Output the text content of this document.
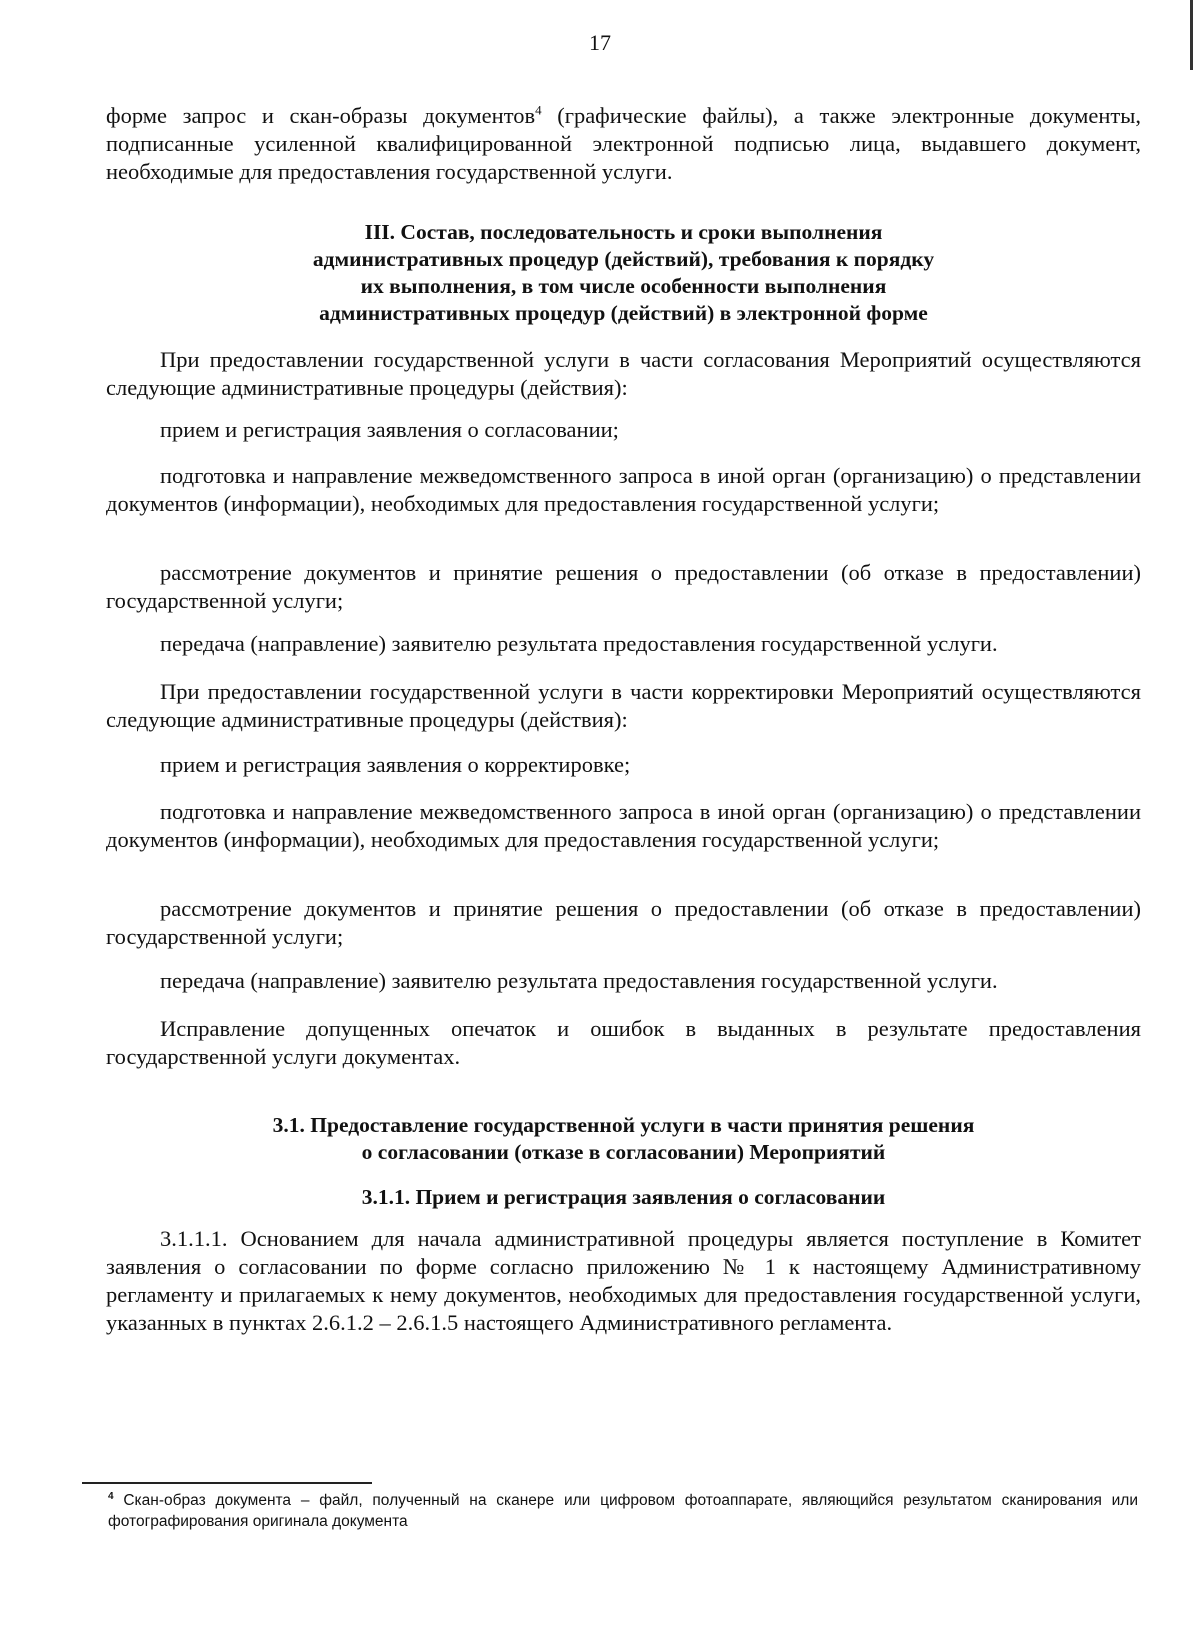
17
форме запрос и скан-образы документов$^4$ (графические файлы), а также электронные документы, подписанные усиленной квалифицированной электронной подписью лица, выдавшего документ, необходимые для предоставления государственной услуги.
III. Состав, последовательность и сроки выполнения
административных процедур (действий), требования к порядку
их выполнения, в том числе особенности выполнения
административных процедур (действий) в электронной форме
При предоставлении государственной услуги в части согласования Мероприятий осуществляются следующие административные процедуры (действия):
прием и регистрация заявления о согласовании;
подготовка и направление межведомственного запроса в иной орган (организацию) о представлении документов (информации), необходимых для предоставления государственной услуги;
рассмотрение документов и принятие решения о предоставлении (об отказе в предоставлении) государственной услуги;
передача (направление) заявителю результата предоставления государственной услуги.
При предоставлении государственной услуги в части корректировки Мероприятий осуществляются следующие административные процедуры (действия):
прием и регистрация заявления о корректировке;
подготовка и направление межведомственного запроса в иной орган (организацию) о представлении документов (информации), необходимых для предоставления государственной услуги;
рассмотрение документов и принятие решения о предоставлении (об отказе в предоставлении) государственной услуги;
передача (направление) заявителю результата предоставления государственной услуги.
Исправление допущенных опечаток и ошибок в выданных в результате предоставления государственной услуги документах.
3.1. Предоставление государственной услуги в части принятия решения
о согласовании (отказе в согласовании) Мероприятий
3.1.1. Прием и регистрация заявления о согласовании
3.1.1.1. Основанием для начала административной процедуры является поступление в Комитет заявления о согласовании по форме согласно приложению № 1 к настоящему Административному регламенту и прилагаемых к нему документов, необходимых для предоставления государственной услуги, указанных в пунктах 2.6.1.2 – 2.6.1.5 настоящего Административного регламента.
$^4$ Скан-образ документа – файл, полученный на сканере или цифровом фотоаппарате, являющийся результатом сканирования или фотографирования оригинала документа
